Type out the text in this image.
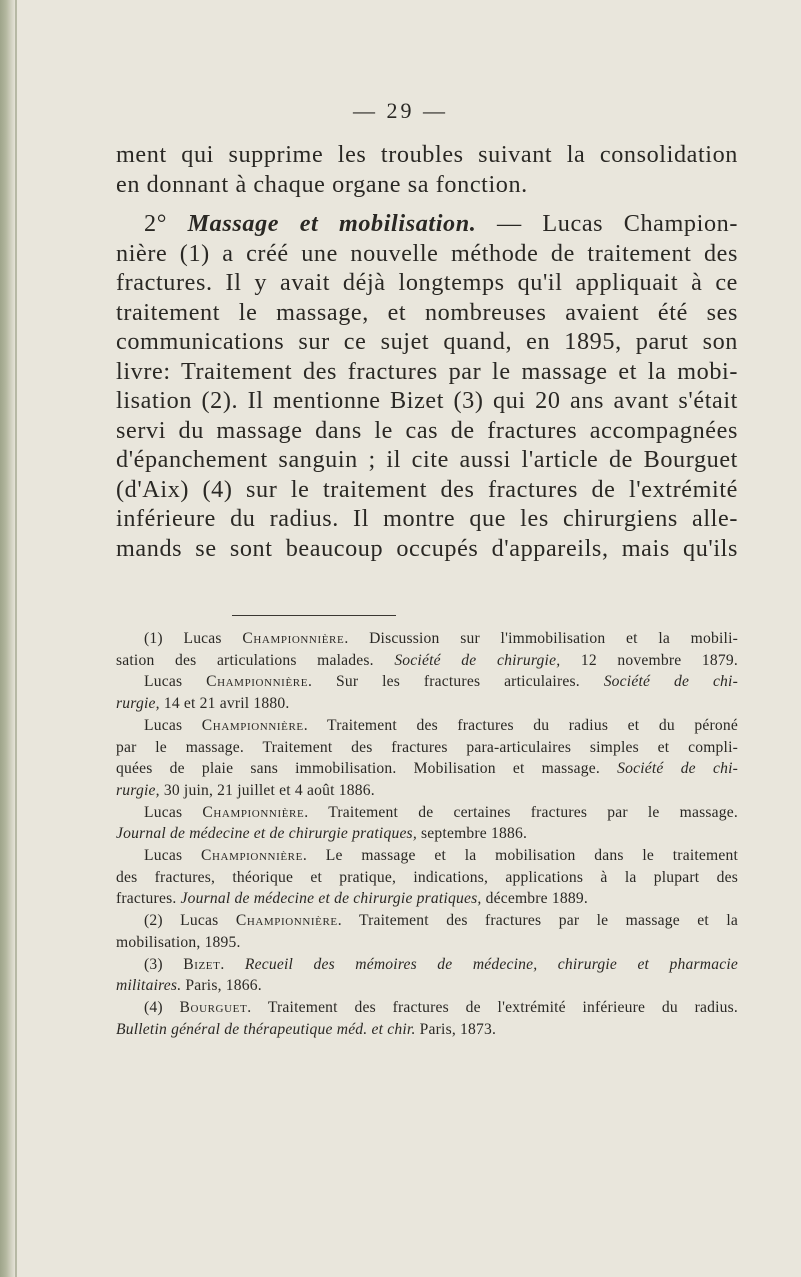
— 29 —
ment qui supprime les troubles suivant la consolidation
en donnant à chaque organe sa fonction.
2° Massage et mobilisation. — Lucas Champion-
nière (1) a créé une nouvelle méthode de traitement des
fractures. Il y avait déjà longtemps qu'il appliquait à ce
traitement le massage, et nombreuses avaient été ses
communications sur ce sujet quand, en 1895, parut son
livre: Traitement des fractures par le massage et la mobi-
lisation (2). Il mentionne Bizet (3) qui 20 ans avant s'était
servi du massage dans le cas de fractures accompagnées
d'épanchement sanguin ; il cite aussi l'article de Bourguet
(d'Aix) (4) sur le traitement des fractures de l'extrémité
inférieure du radius. Il montre que les chirurgiens alle-
mands se sont beaucoup occupés d'appareils, mais qu'ils
(1) Lucas Championnière. Discussion sur l'immobilisation et la mobili-
sation des articulations malades. Société de chirurgie, 12 novembre 1879.
Lucas Championnière. Sur les fractures articulaires. Société de chi-
rurgie, 14 et 21 avril 1880.
Lucas Championnière. Traitement des fractures du radius et du péroné
par le massage. Traitement des fractures para-articulaires simples et compli-
quées de plaie sans immobilisation. Mobilisation et massage. Société de chi-
rurgie, 30 juin, 21 juillet et 4 août 1886.
Lucas Championnière. Traitement de certaines fractures par le massage.
Journal de médecine et de chirurgie pratiques, septembre 1886.
Lucas Championnière. Le massage et la mobilisation dans le traitement
des fractures, théorique et pratique, indications, applications à la plupart des
fractures. Journal de médecine et de chirurgie pratiques, décembre 1889.
(2) Lucas Championnière. Traitement des fractures par le massage et la
mobilisation, 1895.
(3) Bizet. Recueil des mémoires de médecine, chirurgie et pharmacie
militaires. Paris, 1866.
(4) Bourguet. Traitement des fractures de l'extrémité inférieure du radius.
Bulletin général de thérapeutique méd. et chir. Paris, 1873.
